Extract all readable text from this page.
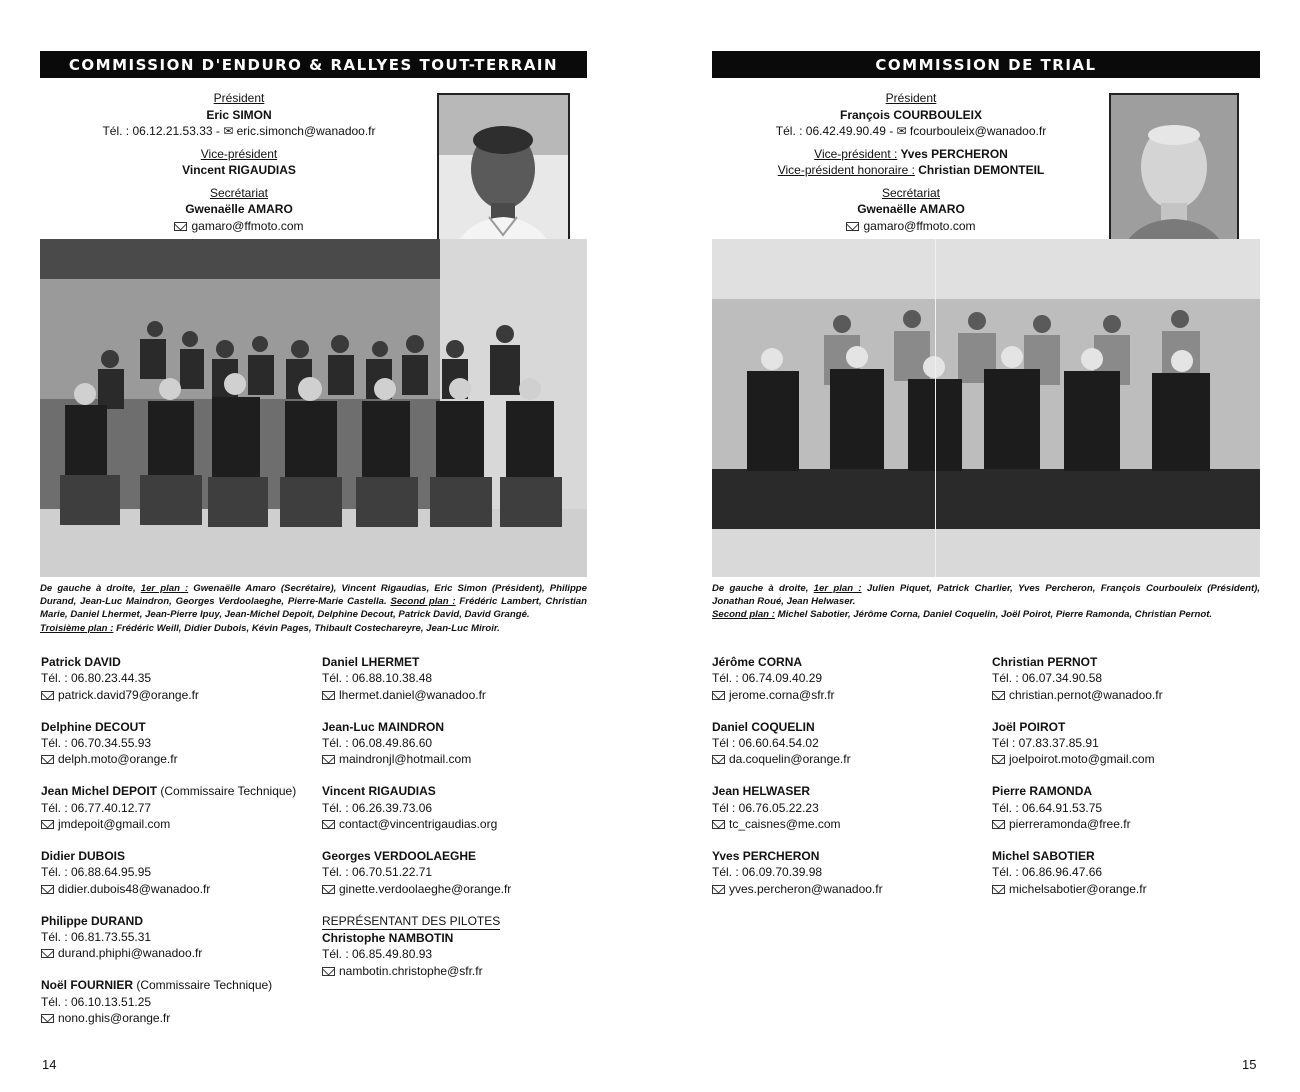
COMMISSION D'ENDURO & RALLYES TOUT-TERRAIN
Président
Eric SIMON
Tél. : 06.12.21.53.33 - ✉ eric.simonch@wanadoo.fr
Vice-président
Vincent RIGAUDIAS
Secrétariat
Gwenaëlle AMARO
gamaro@ffmoto.com
De gauche à droite, 1er plan : Gwenaëlle Amaro (Secrétaire), Vincent Rigaudias, Eric Simon (Président), Philippe Durand, Jean-Luc Maindron, Georges Verdoolaeghe, Pierre-Marie Castella. Second plan : Frédéric Lambert, Christian Marie, Daniel Lhermet, Jean-Pierre Ipuy, Jean-Michel Depoit, Delphine Decout, Patrick David, David Grangé.
Troisième plan : Frédéric Weill, Didier Dubois, Kévin Pages, Thibault Costechareyre, Jean-Luc Miroir.
Patrick DAVID
Tél. : 06.80.23.44.35
patrick.david79@orange.fr
Delphine DECOUT
Tél. : 06.70.34.55.93
delph.moto@orange.fr
Jean Michel DEPOIT (Commissaire Technique)
Tél. : 06.77.40.12.77
jmdepoit@gmail.com
Didier DUBOIS
Tél. : 06.88.64.95.95
didier.dubois48@wanadoo.fr
Philippe DURAND
Tél. : 06.81.73.55.31
durand.phiphi@wanadoo.fr
Noël FOURNIER (Commissaire Technique)
Tél. : 06.10.13.51.25
nono.ghis@orange.fr
Daniel LHERMET
Tél. : 06.88.10.38.48
lhermet.daniel@wanadoo.fr
Jean-Luc MAINDRON
Tél. : 06.08.49.86.60
maindronjl@hotmail.com
Vincent RIGAUDIAS
Tél. : 06.26.39.73.06
contact@vincentrigaudias.org
Georges VERDOOLAEGHE
Tél. : 06.70.51.22.71
ginette.verdoolaeghe@orange.fr
REPRÉSENTANT DES PILOTES
Christophe NAMBOTIN
Tél. : 06.85.49.80.93
nambotin.christophe@sfr.fr
14
COMMISSION DE TRIAL
Président
François COURBOULEIX
Tél. : 06.42.49.90.49 - ✉ fcourbouleix@wanadoo.fr
Vice-président : Yves PERCHERON
Vice-président honoraire : Christian DEMONTEIL
Secrétariat
Gwenaëlle AMARO
gamaro@ffmoto.com
De gauche à droite, 1er plan : Julien Piquet, Patrick Charlier, Yves Percheron, François Courbouleix (Président), Jonathan Roué, Jean Helwaser.
Second plan : Michel Sabotier, Jérôme Corna, Daniel Coquelin, Joël Poirot, Pierre Ramonda, Christian Pernot.
Jérôme CORNA
Tél. : 06.74.09.40.29
jerome.corna@sfr.fr
Daniel COQUELIN
Tél : 06.60.64.54.02
da.coquelin@orange.fr
Jean HELWASER
Tél : 06.76.05.22.23
tc_caisnes@me.com
Yves PERCHERON
Tél. : 06.09.70.39.98
yves.percheron@wanadoo.fr
Christian PERNOT
Tél. : 06.07.34.90.58
christian.pernot@wanadoo.fr
Joël POIROT
Tél : 07.83.37.85.91
joelpoirot.moto@gmail.com
Pierre RAMONDA
Tél. : 06.64.91.53.75
pierreramonda@free.fr
Michel SABOTIER
Tél. : 06.86.96.47.66
michelsabotier@orange.fr
15
